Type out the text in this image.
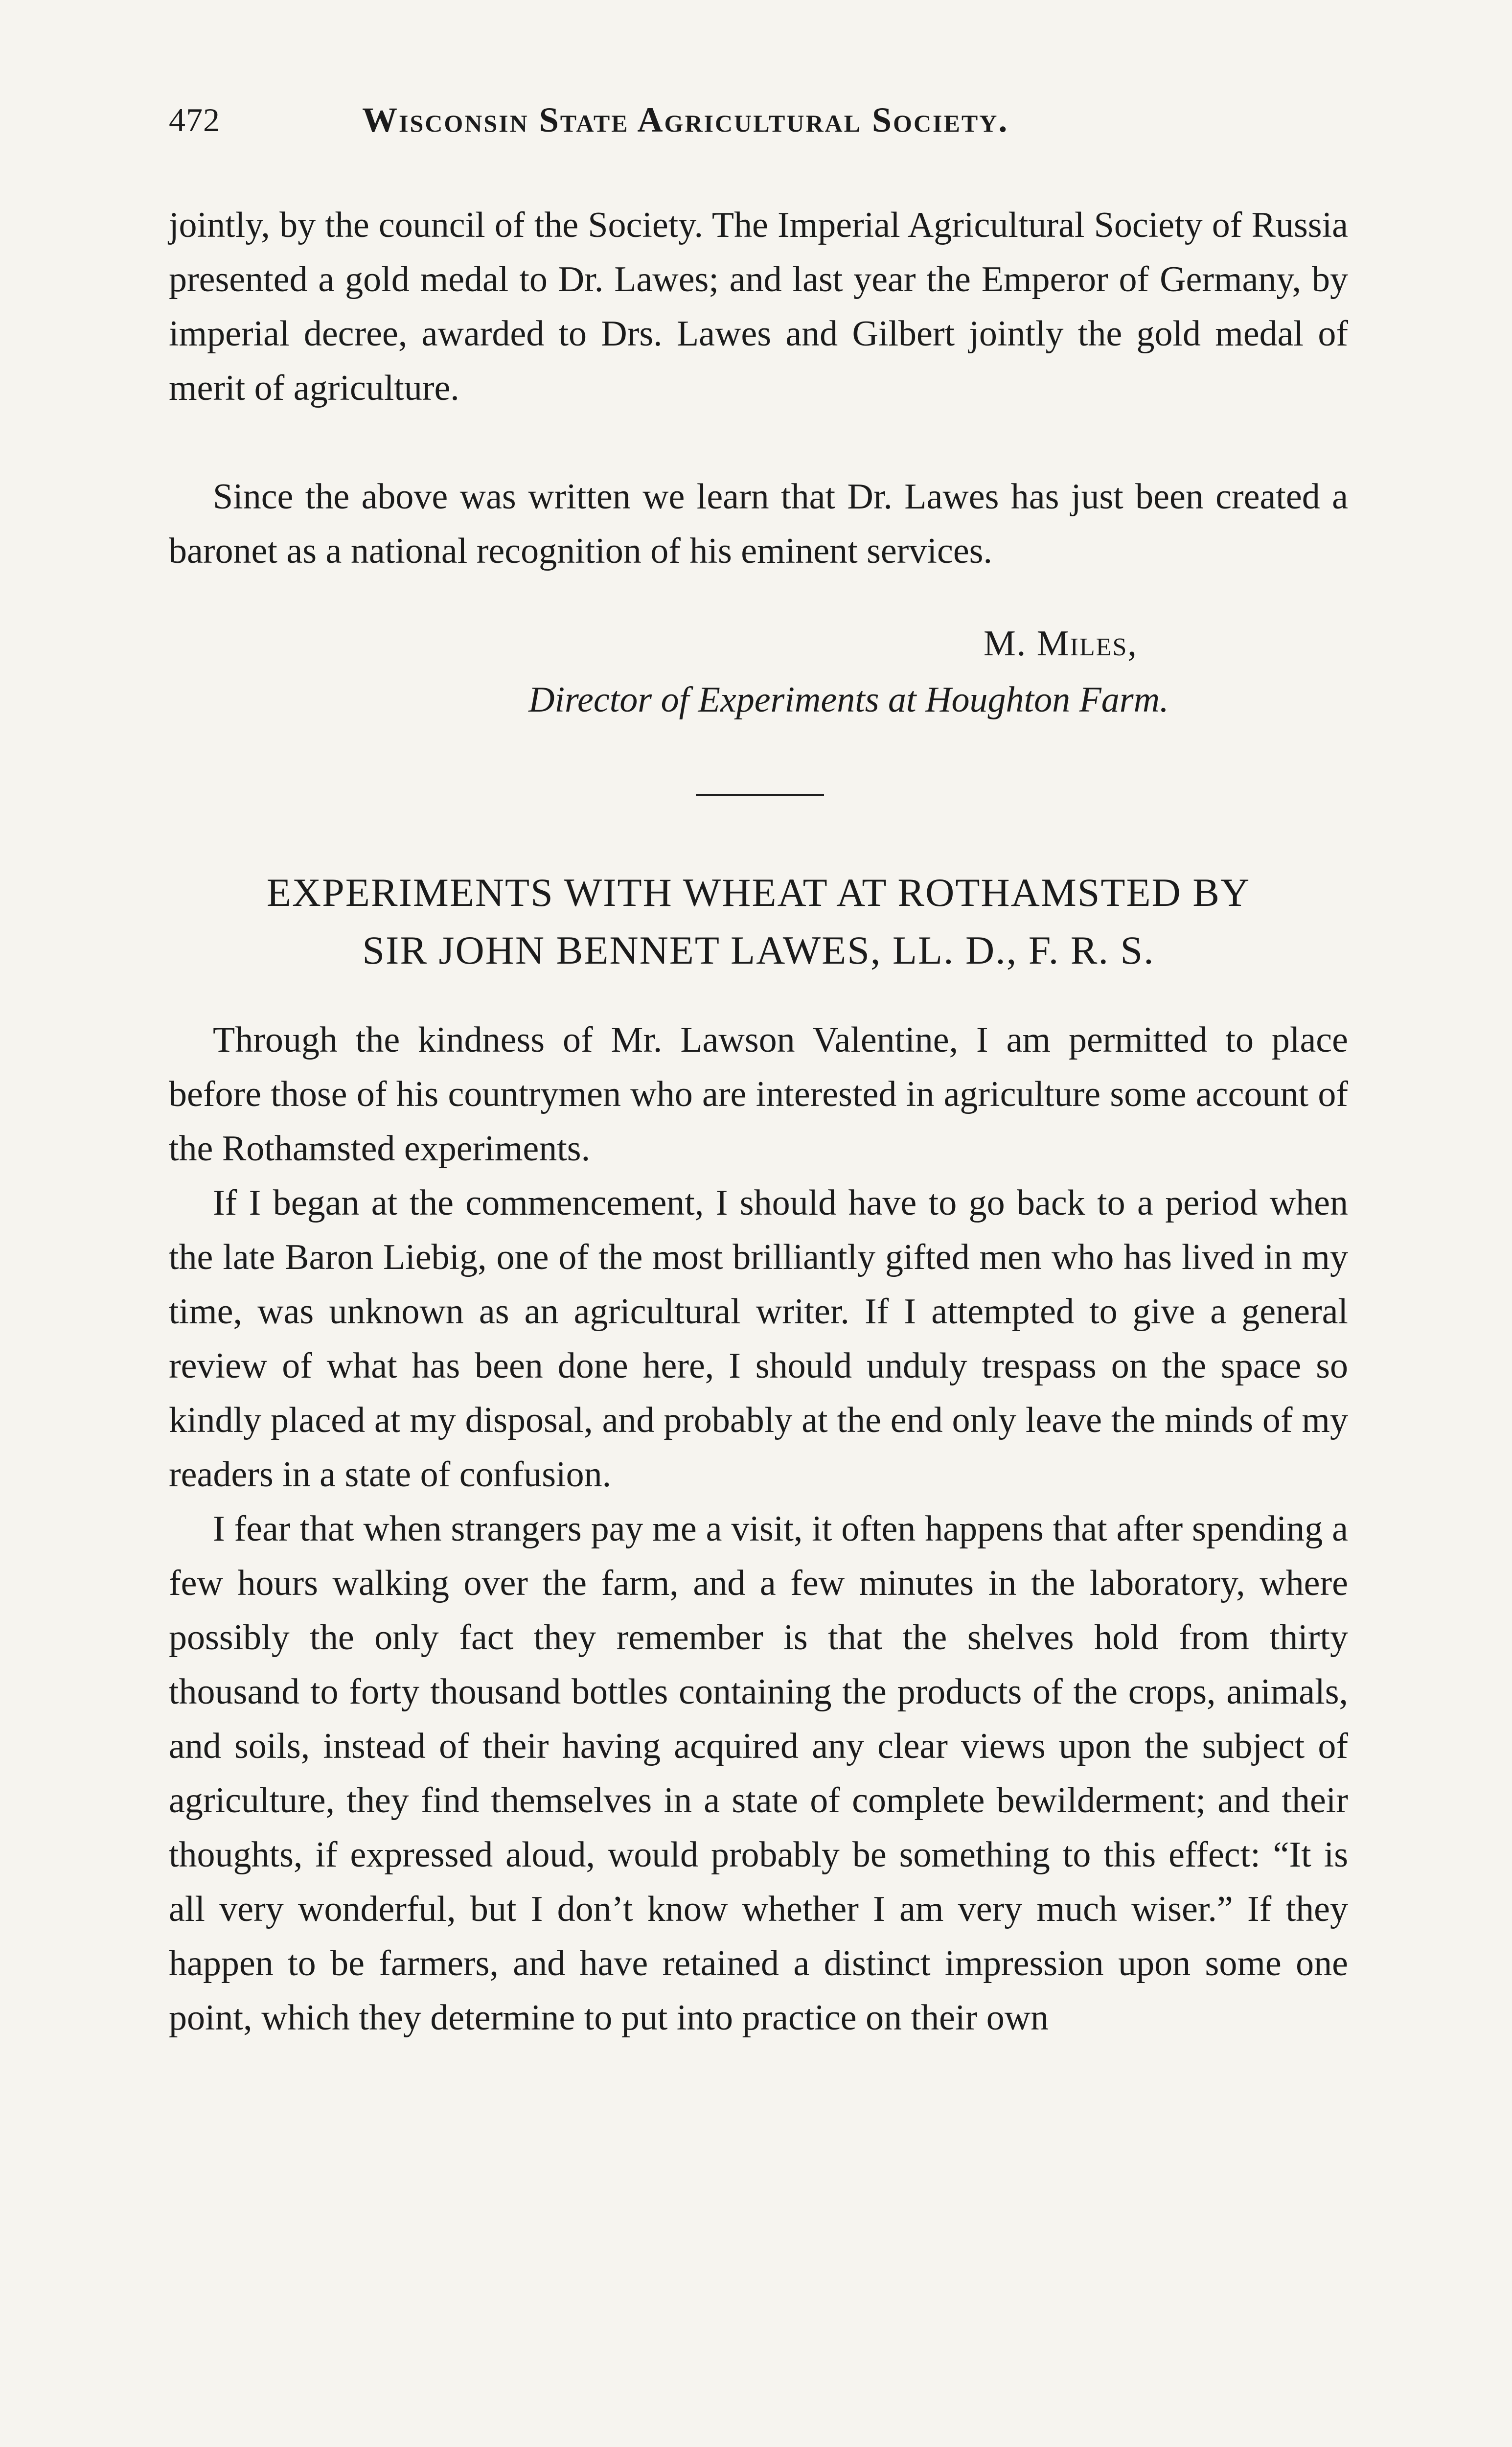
472	Wisconsin State Agricultural Society.

jointly, by the council of the Society. The Imperial Agricultural Society of Russia presented a gold medal to Dr. Lawes; and last year the Emperor of Germany, by imperial decree, awarded to Drs. Lawes and Gilbert jointly the gold medal of merit of agriculture.

Since the above was written we learn that Dr. Lawes has just been created a baronet as a national recognition of his eminent services.

M. Miles,
Director of Experiments at Houghton Farm.
EXPERIMENTS WITH WHEAT AT ROTHAMSTED BY
SIR JOHN BENNET LAWES, LL. D., F. R. S.

Through the kindness of Mr. Lawson Valentine, I am permitted to place before those of his countrymen who are interested in agriculture some account of the Rothamsted experiments.

If I began at the commencement, I should have to go back to a period when the late Baron Liebig, one of the most brilliantly gifted men who has lived in my time, was unknown as an agricultural writer. If I attempted to give a general review of what has been done here, I should unduly trespass on the space so kindly placed at my disposal, and probably at the end only leave the minds of my readers in a state of confusion.

I fear that when strangers pay me a visit, it often happens that after spending a few hours walking over the farm, and a few minutes in the laboratory, where possibly the only fact they remember is that the shelves hold from thirty thousand to forty thousand bottles containing the products of the crops, animals, and soils, instead of their having acquired any clear views upon the subject of agriculture, they find themselves in a state of complete bewilderment; and their thoughts, if expressed aloud, would probably be something to this effect: “It is all very wonderful, but I don’t know whether I am very much wiser.” If they happen to be farmers, and have retained a distinct impression upon some one point, which they determine to put into practice on their own
